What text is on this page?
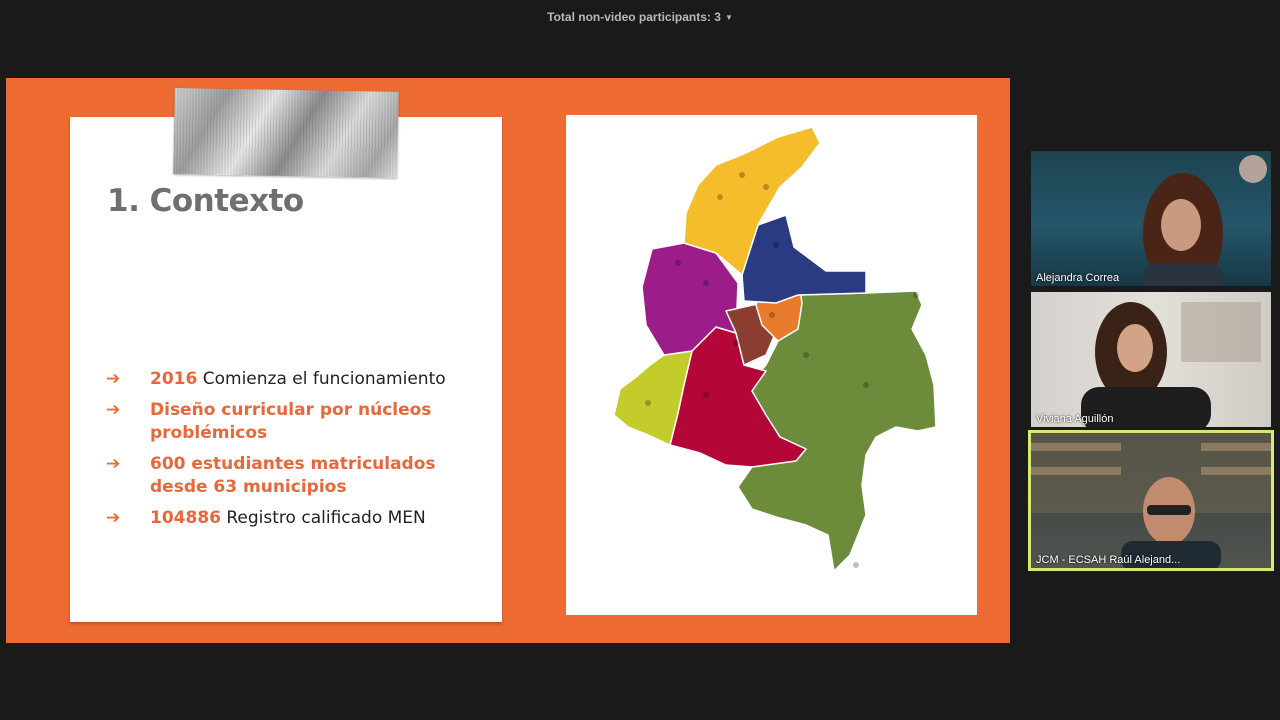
Total non-video participants: 3 ▼
1. Contexto
➔	2016 Comienza el funcionamiento
➔	Diseño curricular por núcleos problémicos
➔	600 estudiantes matriculados desde 63 municipios
➔	104886 Registro calificado MEN
Alejandra Correa
Viviana Aguillón
JCM - ECSAH Raúl Alejand...
